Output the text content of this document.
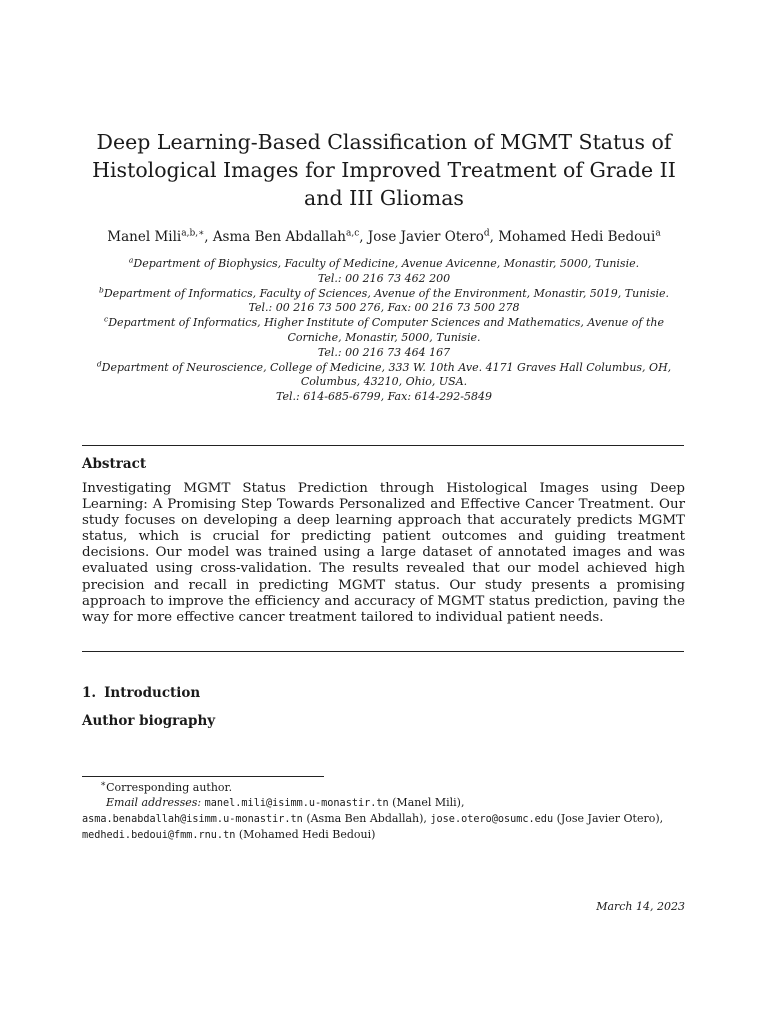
Deep Learning-Based Classification of MGMT Status of Histological Images for Improved Treatment of Grade II and III Gliomas
Manel Mili$^{a,b,∗}$, Asma Ben Abdallah$^{a,c}$, Jose Javier Otero$^d$, Mohamed Hedi Bedoui$^a$

$^a$Department of Biophysics, Faculty of Medicine, Avenue Avicenne, Monastir, 5000, Tunisie.
Tel.: 00 216 73 462 200

$^b$Department of Informatics, Faculty of Sciences, Avenue of the Environment, Monastir, 5019, Tunisie.
Tel.: 00 216 73 500 276, Fax: 00 216 73 500 278

$^c$Department of Informatics, Higher Institute of Computer Sciences and Mathematics, Avenue of the Corniche, Monastir, 5000, Tunisie.
Tel.: 00 216 73 464 167

$^d$Department of Neuroscience, College of Medicine, 333 W. 10th Ave. 4171 Graves Hall Columbus, OH, Columbus, 43210, Ohio, USA.
Tel.: 614-685-6799, Fax: 614-292-5849

Abstract

Investigating MGMT Status Prediction through Histological Images using Deep Learning: A Promising Step Towards Personalized and Effective Cancer Treatment. Our study focuses on developing a deep learning approach that accurately predicts MGMT status, which is crucial for predicting patient outcomes and guiding treatment decisions. Our model was trained using a large dataset of annotated images and was evaluated using cross-validation. The results revealed that our model achieved high precision and recall in predicting MGMT status. Our study presents a promising approach to improve the efficiency and accuracy of MGMT status prediction, paving the way for more effective cancer treatment tailored to individual patient needs.

1. Introduction
Author biography
∗Corresponding author.
Email addresses: manel.mili@isimm.u-monastir.tn (Manel Mili),
asma.benabdallah@isimm.u-monastir.tn (Asma Ben Abdallah), jose.otero@osumc.edu (Jose Javier Otero), medhedi.bedoui@fmm.rnu.tn (Mohamed Hedi Bedoui)
March 14, 2023
